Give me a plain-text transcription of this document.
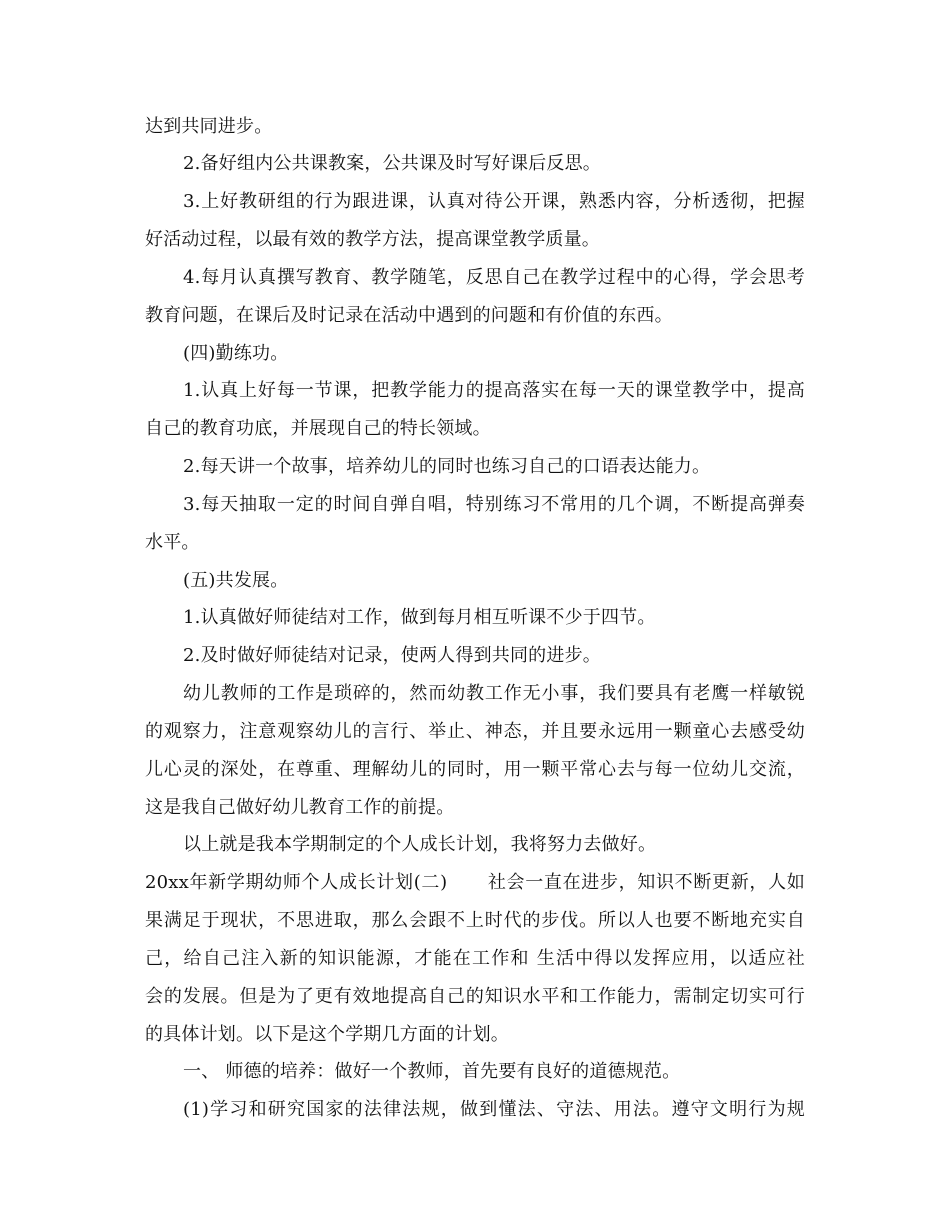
达到共同进步。
2.备好组内公共课教案，公共课及时写好课后反思。
3.上好教研组的行为跟进课，认真对待公开课，熟悉内容，分析透彻，把握
好活动过程，以最有效的教学方法，提高课堂教学质量。
4.每月认真撰写教育、教学随笔，反思自己在教学过程中的心得，学会思考
教育问题，在课后及时记录在活动中遇到的问题和有价值的东西。
(四)勤练功。
1.认真上好每一节课，把教学能力的提高落实在每一天的课堂教学中，提高
自己的教育功底，并展现自己的特长领域。
2.每天讲一个故事，培养幼儿的同时也练习自己的口语表达能力。
3.每天抽取一定的时间自弹自唱，特别练习不常用的几个调，不断提高弹奏
水平。
(五)共发展。
1.认真做好师徒结对工作，做到每月相互听课不少于四节。
2.及时做好师徒结对记录，使两人得到共同的进步。
幼儿教师的工作是琐碎的，然而幼教工作无小事，我们要具有老鹰一样敏锐
的观察力，注意观察幼儿的言行、举止、神态，并且要永远用一颗童心去感受幼
儿心灵的深处，在尊重、理解幼儿的同时，用一颗平常心去与每一位幼儿交流，
这是我自己做好幼儿教育工作的前提。
以上就是我本学期制定的个人成长计划，我将努力去做好。
20xx年新学期幼师个人成长计划(二) 社会一直在进步，知识不断更新，人如
果满足于现状，不思进取，那么会跟不上时代的步伐。所以人也要不断地充实自
己，给自己注入新的知识能源，才能在工作和 生活中得以发挥应用，以适应社
会的发展。但是为了更有效地提高自己的知识水平和工作能力，需制定切实可行
的具体计划。以下是这个学期几方面的计划。
一、 师德的培养：做好一个教师，首先要有良好的道德规范。
(1)学习和研究国家的法律法规，做到懂法、守法、用法。遵守文明行为规
